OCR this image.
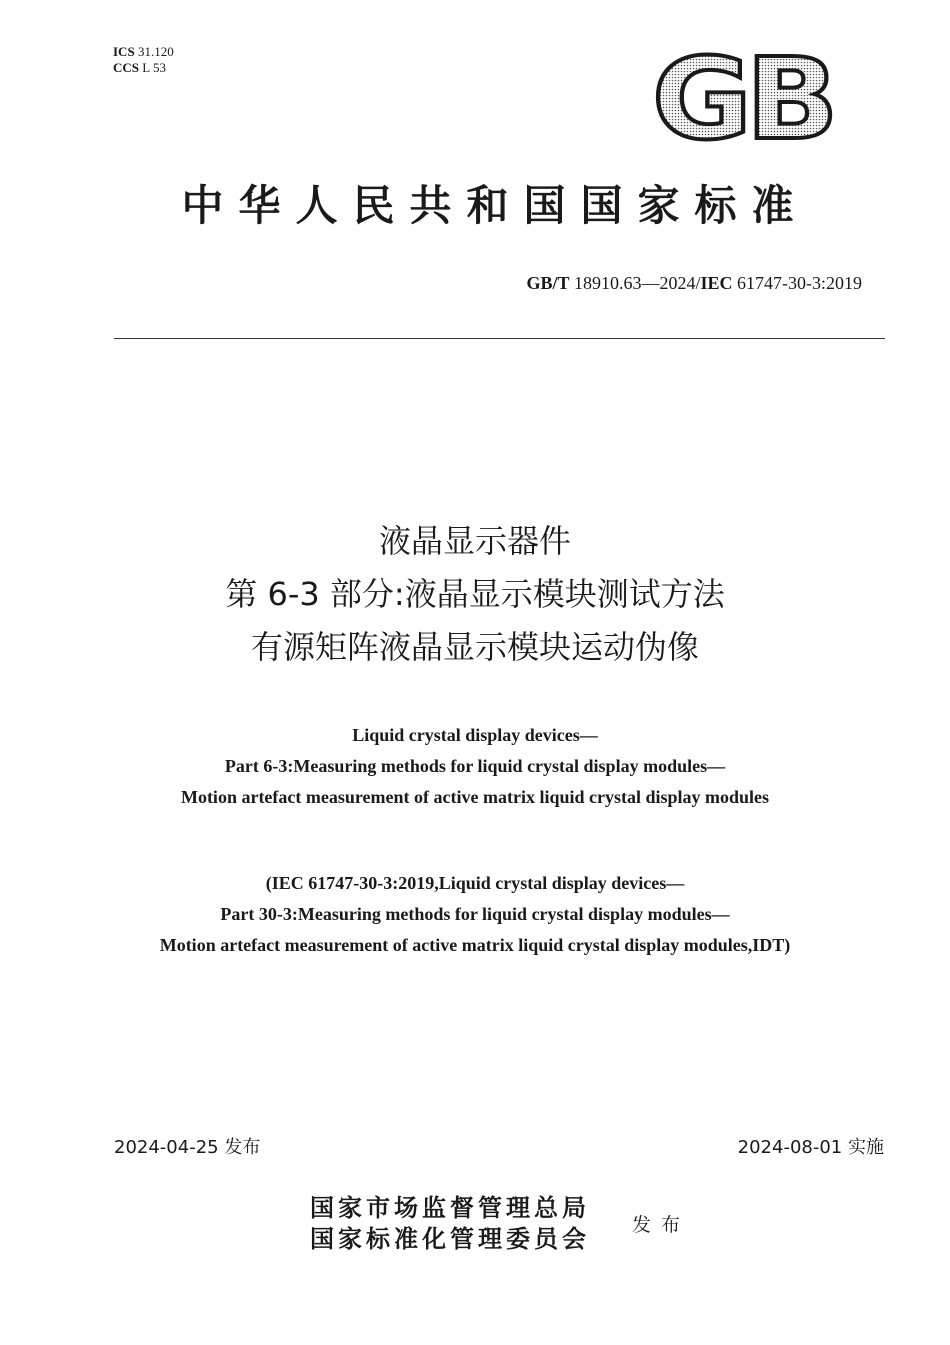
ICS 31.120
CCS L 53	GB
中华人民共和国国家标准
GB/T 18910.63—2024/IEC 61747-30-3:2019
液晶显示器件
第 6-3 部分:液晶显示模块测试方法
有源矩阵液晶显示模块运动伪像
Liquid crystal display devices—
Part 6-3:Measuring methods for liquid crystal display modules—
Motion artefact measurement of active matrix liquid crystal display modules
(IEC 61747-30-3:2019,Liquid crystal display devices—
Part 30-3:Measuring methods for liquid crystal display modules—
Motion artefact measurement of active matrix liquid crystal display modules,IDT)
2024-04-25 发布	2024-08-01 实施
国家市场监督管理总局
国家标准化管理委员会 发布
